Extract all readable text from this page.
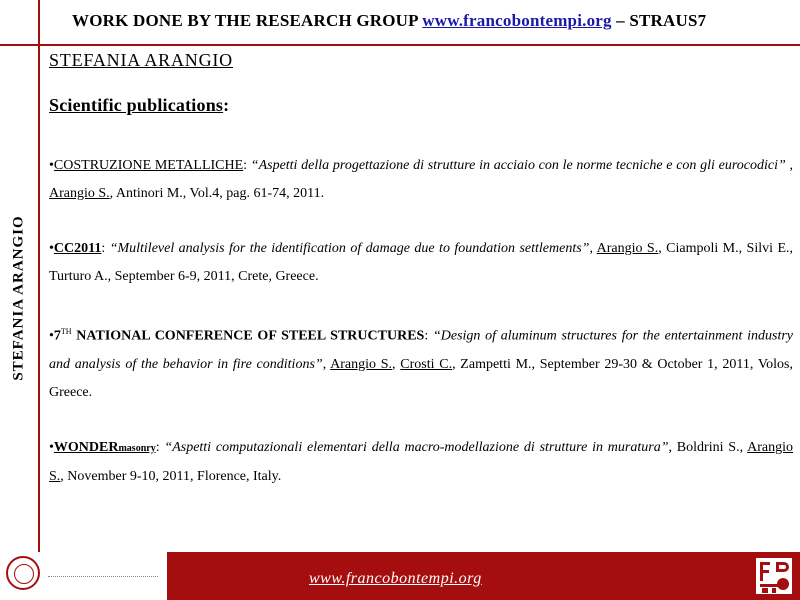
WORK DONE BY THE RESEARCH GROUP www.francobontempi.org – STRAUS7
STEFANIA ARANGIO
STEFANIA ARANGIO
Scientific publications:

•COSTRUZIONE METALLICHE: “Aspetti della progettazione di strutture in acciaio con le norme tecniche e con gli eurocodici” , Arangio S., Antinori M., Vol.4, pag. 61-74, 2011.

•CC2011: “Multilevel analysis for the identification of damage due to foundation settlements”, Arangio S., Ciampoli M., Silvi E., Turturo A., September 6-9, 2011, Crete, Greece.

•7TH NATIONAL CONFERENCE OF STEEL STRUCTURES: “Design of aluminum structures for the entertainment industry and analysis of the behavior in fire conditions”, Arangio S., Crosti C., Zampetti M., September 29-30 & October 1, 2011, Volos, Greece.

•WONDERmasonry: “Aspetti computazionali elementari della macro-modellazione di strutture in muratura”, Boldrini S., Arangio S., November 9-10, 2011, Florence, Italy.

www.francobontempi.org
